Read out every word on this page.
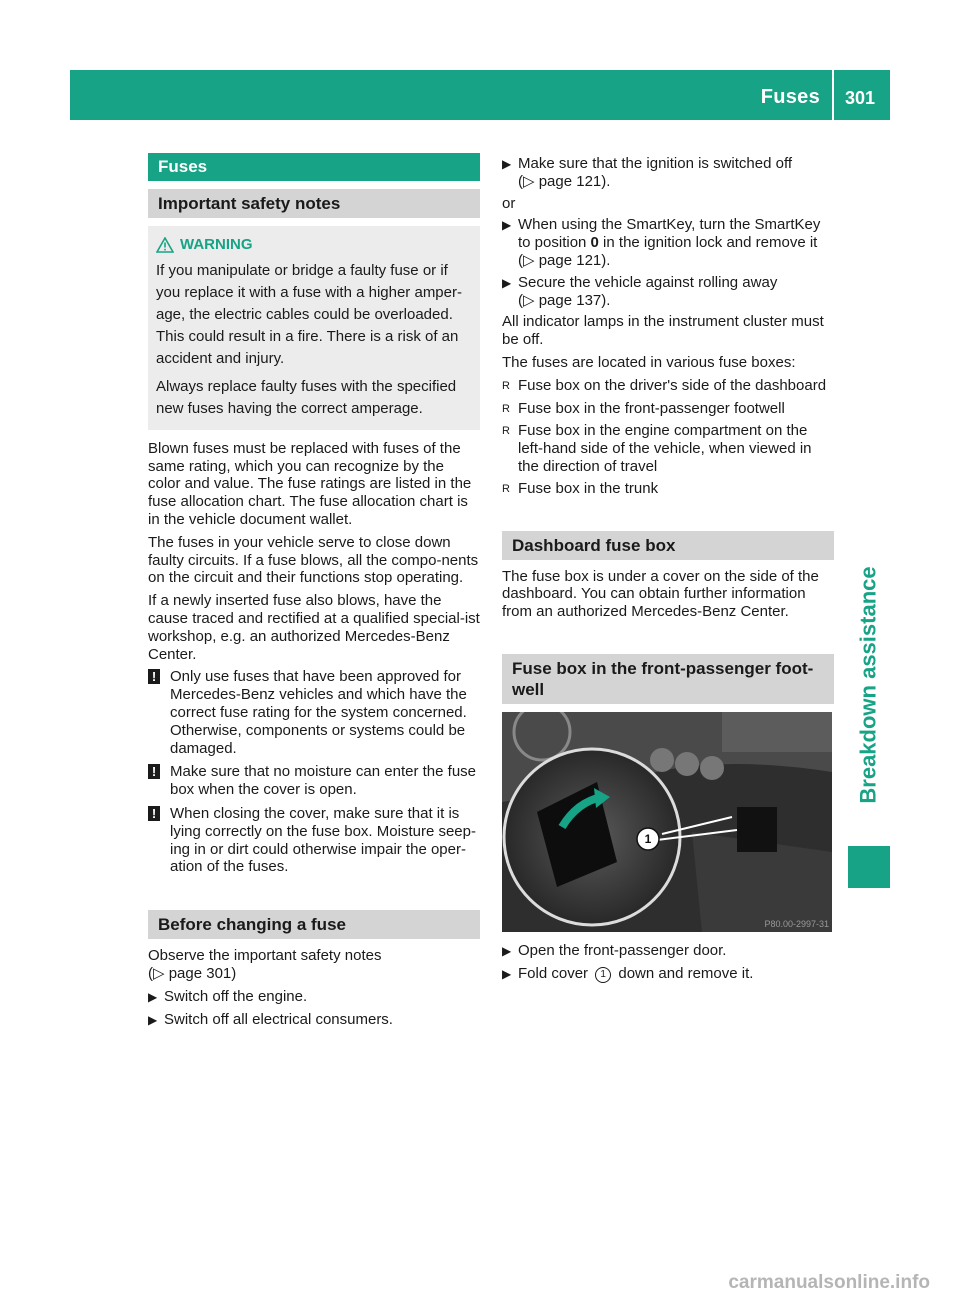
Fuses 301
Breakdown assistance
Fuses
Important safety notes
WARNING

If you manipulate or bridge a faulty fuse or if you replace it with a fuse with a higher amper-age, the electric cables could be overloaded. This could result in a fire. There is a risk of an accident and injury.

Always replace faulty fuses with the specified new fuses having the correct amperage.

Blown fuses must be replaced with fuses of the same rating, which you can recognize by the color and value. The fuse ratings are listed in the fuse allocation chart. The fuse allocation chart is in the vehicle document wallet.

The fuses in your vehicle serve to close down faulty circuits. If a fuse blows, all the compo-nents on the circuit and their functions stop operating.

If a newly inserted fuse also blows, have the cause traced and rectified at a qualified special-ist workshop, e.g. an authorized Mercedes-Benz Center.

! Only use fuses that have been approved for Mercedes-Benz vehicles and which have the correct fuse rating for the system concerned. Otherwise, components or systems could be damaged.
! Make sure that no moisture can enter the fuse box when the cover is open.
! When closing the cover, make sure that it is lying correctly on the fuse box. Moisture seep-ing in or dirt could otherwise impair the oper-ation of the fuses.
Before changing a fuse
Observe the important safety notes
(▷ page 301)
▶ Switch off the engine.
▶ Switch off all electrical consumers.
▶ Make sure that the ignition is switched off
(▷ page 121).
or
▶ When using the SmartKey, turn the SmartKey to position 0 in the ignition lock and remove it
(▷ page 121).
▶ Secure the vehicle against rolling away
(▷ page 137).

All indicator lamps in the instrument cluster must be off.

The fuses are located in various fuse boxes:

R Fuse box on the driver's side of the dashboard
R Fuse box in the front-passenger footwell
R Fuse box in the engine compartment on the left-hand side of the vehicle, when viewed in the direction of travel
R Fuse box in the trunk
Dashboard fuse box

The fuse box is under a cover on the side of the dashboard. You can obtain further information from an authorized Mercedes-Benz Center.

Fuse box in the front-passenger foot-well
1
P80.00-2997-31
▶ Open the front-passenger door.
▶ Fold cover 1 down and remove it.
carmanualsonline.info
